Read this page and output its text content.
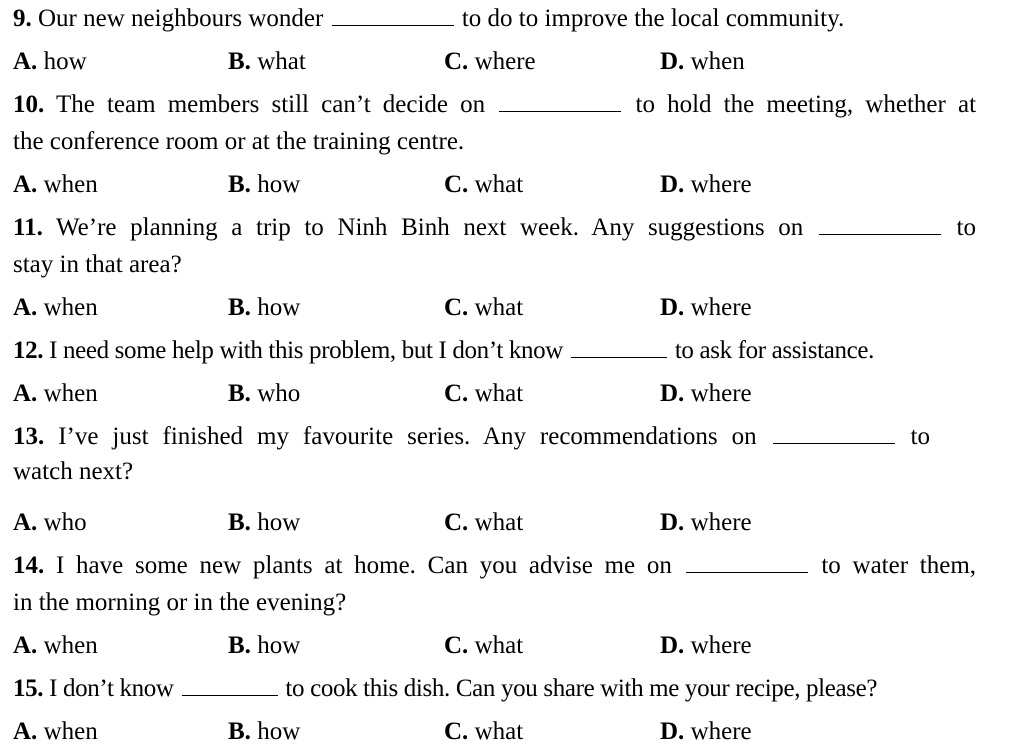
9. Our new neighbours wonder	to do to improve the local community.
A. how	B. what	C. where	D. when
10. The team members still can’t decide on	to hold the meeting, whether at
the conference room or at the training centre.
A. when	B. how	C. what	D. where
11. We’re planning a trip to Ninh Binh next week. Any suggestions on	to
stay in that area?
A. when	B. how	C. what	D. where
12. I need some help with this problem, but I don’t know	to ask for assistance.
A. when	B. who	C. what	D. where
13. I’ve just finished my favourite series. Any recommendations on	to
watch next?
A. who	B. how	C. what	D. where
14. I have some new plants at home. Can you advise me on	to water them,
in the morning or in the evening?
A. when	B. how	C. what	D. where
15. I don’t know	to cook this dish. Can you share with me your recipe, please?
A. when	B. how	C. what	D. where
